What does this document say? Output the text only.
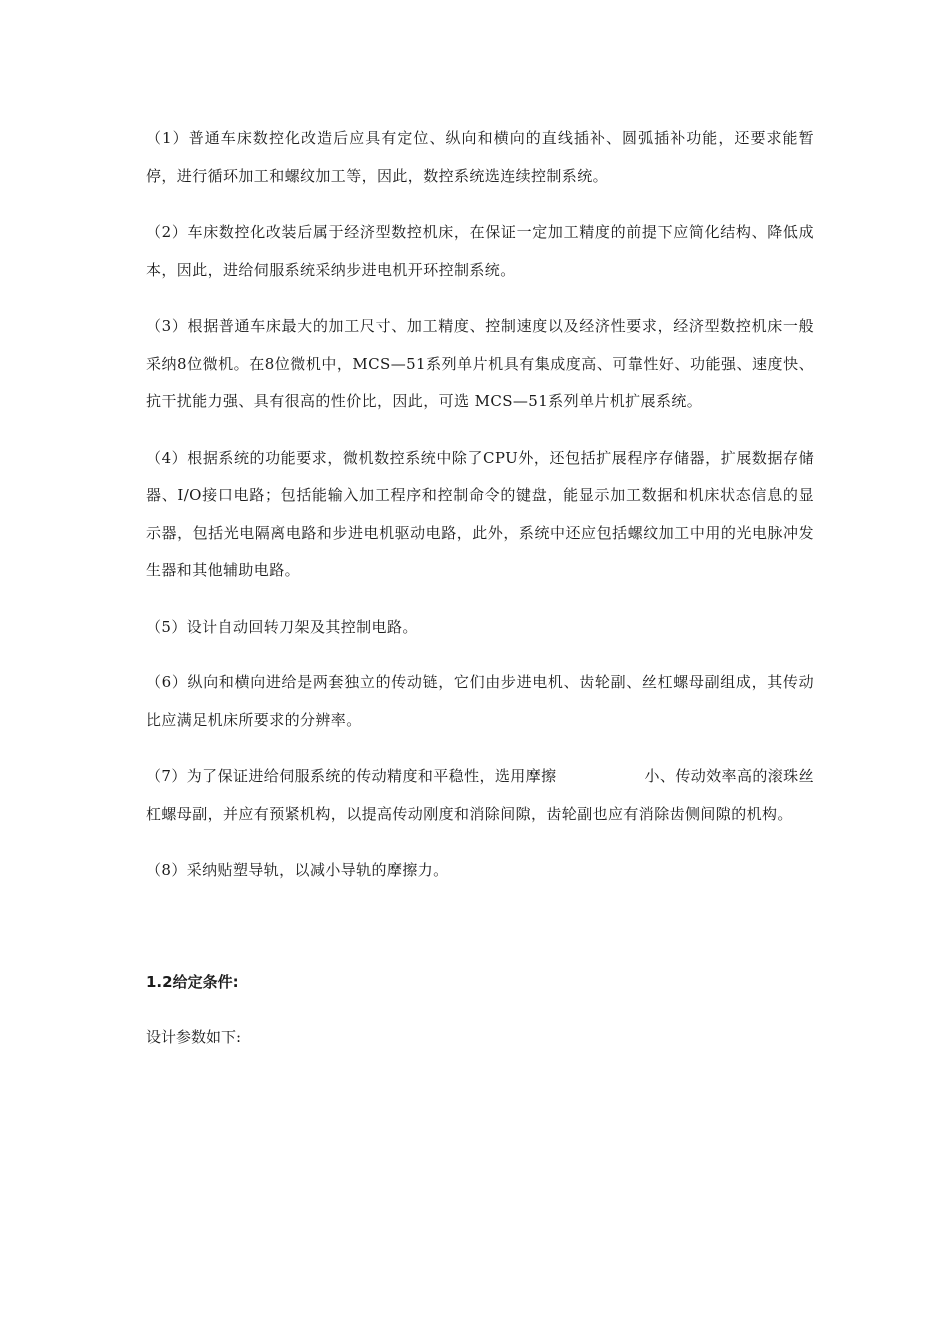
（1）普通车床数控化改造后应具有定位、纵向和横向的直线插补、圆弧插补功能，还要求能暂停，进行循环加工和螺纹加工等，因此，数控系统选连续控制系统。

（2）车床数控化改装后属于经济型数控机床，在保证一定加工精度的前提下应简化结构、降低成本，因此，进给伺服系统采纳步进电机开环控制系统。

（3）根据普通车床最大的加工尺寸、加工精度、控制速度以及经济性要求，经济型数控机床一般采纳8位微机。在8位微机中，MCS—51系列单片机具有集成度高、可靠性好、功能强、速度快、抗干扰能力强、具有很高的性价比，因此，可选 MCS—51系列单片机扩展系统。

（4）根据系统的功能要求，微机数控系统中除了CPU外，还包括扩展程序存储器，扩展数据存储器、I/O接口电路；包括能输入加工程序和控制命令的键盘，能显示加工数据和机床状态信息的显示器，包括光电隔离电路和步进电机驱动电路，此外，系统中还应包括螺纹加工中用的光电脉冲发生器和其他辅助电路。

（5）设计自动回转刀架及其控制电路。

（6）纵向和横向进给是两套独立的传动链，它们由步进电机、齿轮副、丝杠螺母副组成，其传动比应满足机床所要求的分辨率。

（7）为了保证进给伺服系统的传动精度和平稳性，选用摩擦	小、传动效率高的滚珠丝杠螺母副，并应有预紧机构，以提高传动刚度和消除间隙，齿轮副也应有消除齿侧间隙的机构。

（8）采纳贴塑导轨，以减小导轨的摩擦力。

1.2给定条件:

设计参数如下:
